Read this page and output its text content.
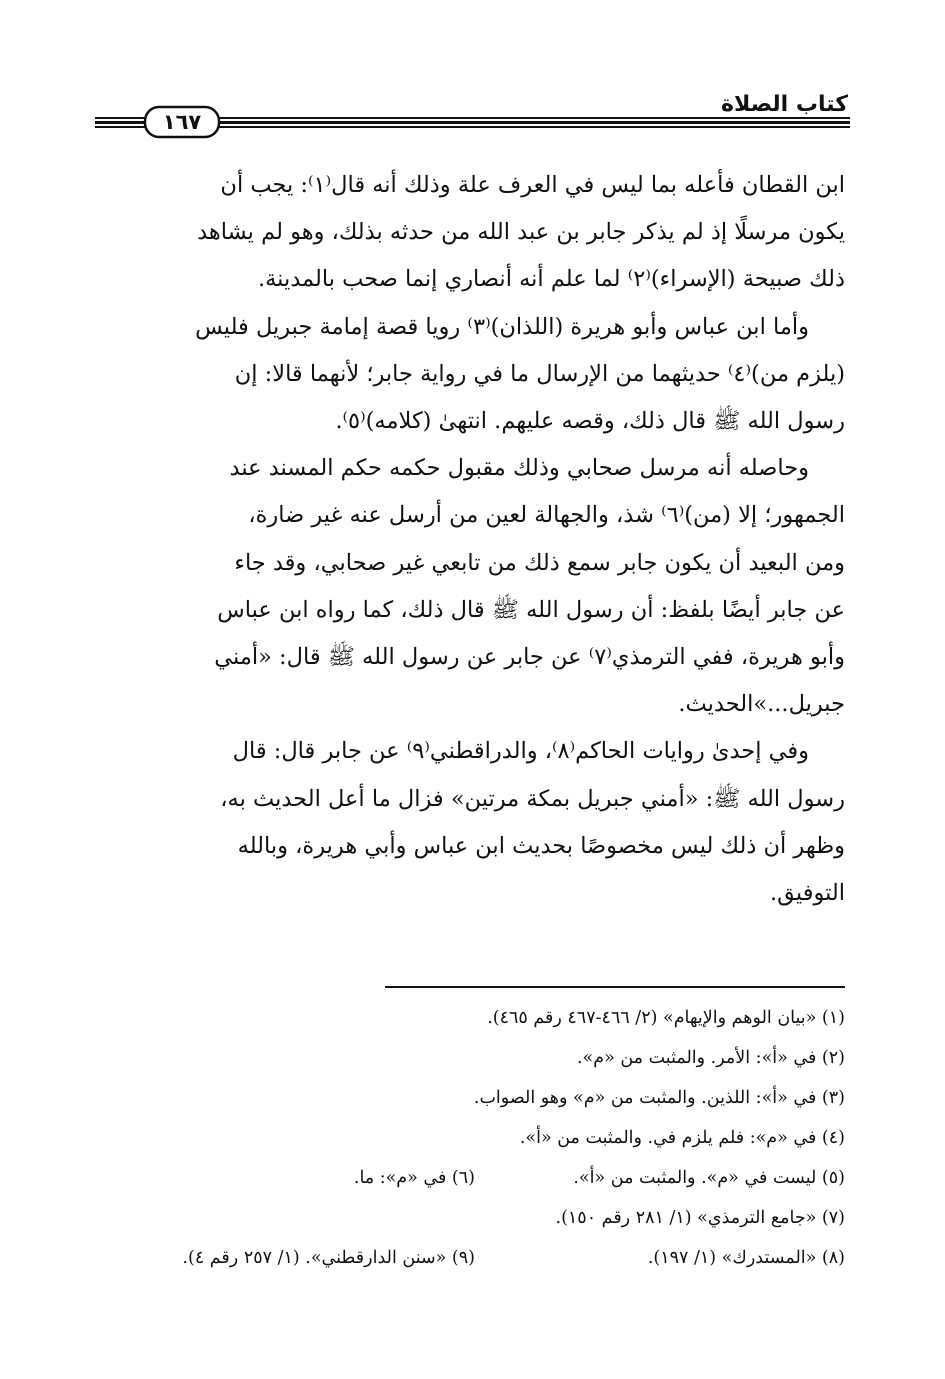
كتاب الصلاة
١٦٧

ابن القطان فأعله بما ليس في العرف علة وذلك أنه قال⁽١⁾: يجب أن
يكون مرسلًا إذ لم يذكر جابر بن عبد الله من حدثه بذلك، وهو لم يشاهد
ذلك صبيحة (الإسراء)⁽٢⁾ لما علم أنه أنصاري إنما صحب بالمدينة.

وأما ابن عباس وأبو هريرة (اللذان)⁽٣⁾ رويا قصة إمامة جبريل فليس
(يلزم من)⁽٤⁾ حديثهما من الإرسال ما في رواية جابر؛ لأنهما قالا: إن
رسول الله ﷺ قال ذلك، وقصه عليهم. انتهىٰ (كلامه)⁽٥⁾.

وحاصله أنه مرسل صحابي وذلك مقبول حكمه حكم المسند عند
الجمهور؛ إلا (من)⁽٦⁾ شذ، والجهالة لعين من أرسل عنه غير ضارة،
ومن البعيد أن يكون جابر سمع ذلك من تابعي غير صحابي، وقد جاء
عن جابر أيضًا بلفظ: أن رسول الله ﷺ قال ذلك، كما رواه ابن عباس
وأبو هريرة، ففي الترمذي⁽٧⁾ عن جابر عن رسول الله ﷺ قال: «أمني
جبريل...»الحديث.

وفي إحدىٰ روايات الحاكم⁽٨⁾، والدراقطني⁽٩⁾ عن جابر قال: قال
رسول الله ﷺ: «أمني جبريل بمكة مرتين» فزال ما أعل الحديث به،
وظهر أن ذلك ليس مخصوصًا بحديث ابن عباس وأبي هريرة، وبالله
التوفيق.

(١) «بيان الوهم والإيهام» (٢/ ٤٦٦-٤٦٧ رقم ٤٦٥).

(٢) في «أ»: الأمر. والمثبت من «م».

(٣) في «أ»: اللذين. والمثبت من «م» وهو الصواب.

(٤) في «م»: فلم يلزم في. والمثبت من «أ».

(٥) ليست في «م». والمثبت من «أ».
(٦) في «م»: ما.

(٧) «جامع الترمذي» (١/ ٢٨١ رقم ١٥٠).

(٨) «المستدرك» (١/ ١٩٧).
(٩) «سنن الدارقطني». (١/ ٢٥٧ رقم ٤).
